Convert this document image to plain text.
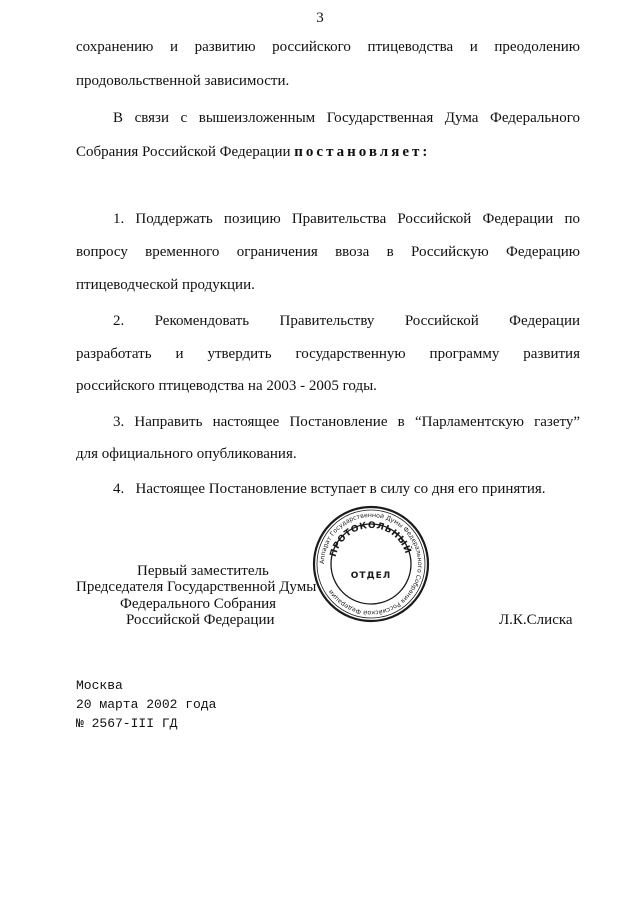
3
сохранению и развитию российского птицеводства и преодолению
продовольственной зависимости.
В связи с вышеизложенным Государственная Дума Федерального
Собрания Российской Федерации постановляет:
1. Поддержать позицию Правительства Российской Федерации по
вопросу временного ограничения ввоза в Российскую Федерацию
птицеводческой продукции.
2. Рекомендовать Правительству Российской Федерации
разработать и утвердить государственную программу развития
российского птицеводства на 2003 - 2005 годы.
3. Направить настоящее Постановление в “Парламентскую газету”
для официального опубликования.
4.   Настоящее Постановление вступает в силу со дня его принятия.
Первый заместитель
Председателя Государственной Думы
Федерального Собрания
Российской Федерации	Л.К.Слиска
Аппарат Государственной Думы Федерального Собрания Российской Федерации
ПРОТОКОЛЬНЫЙ
ОТДЕЛ
Москва
20 марта 2002 года
№ 2567-III ГД
